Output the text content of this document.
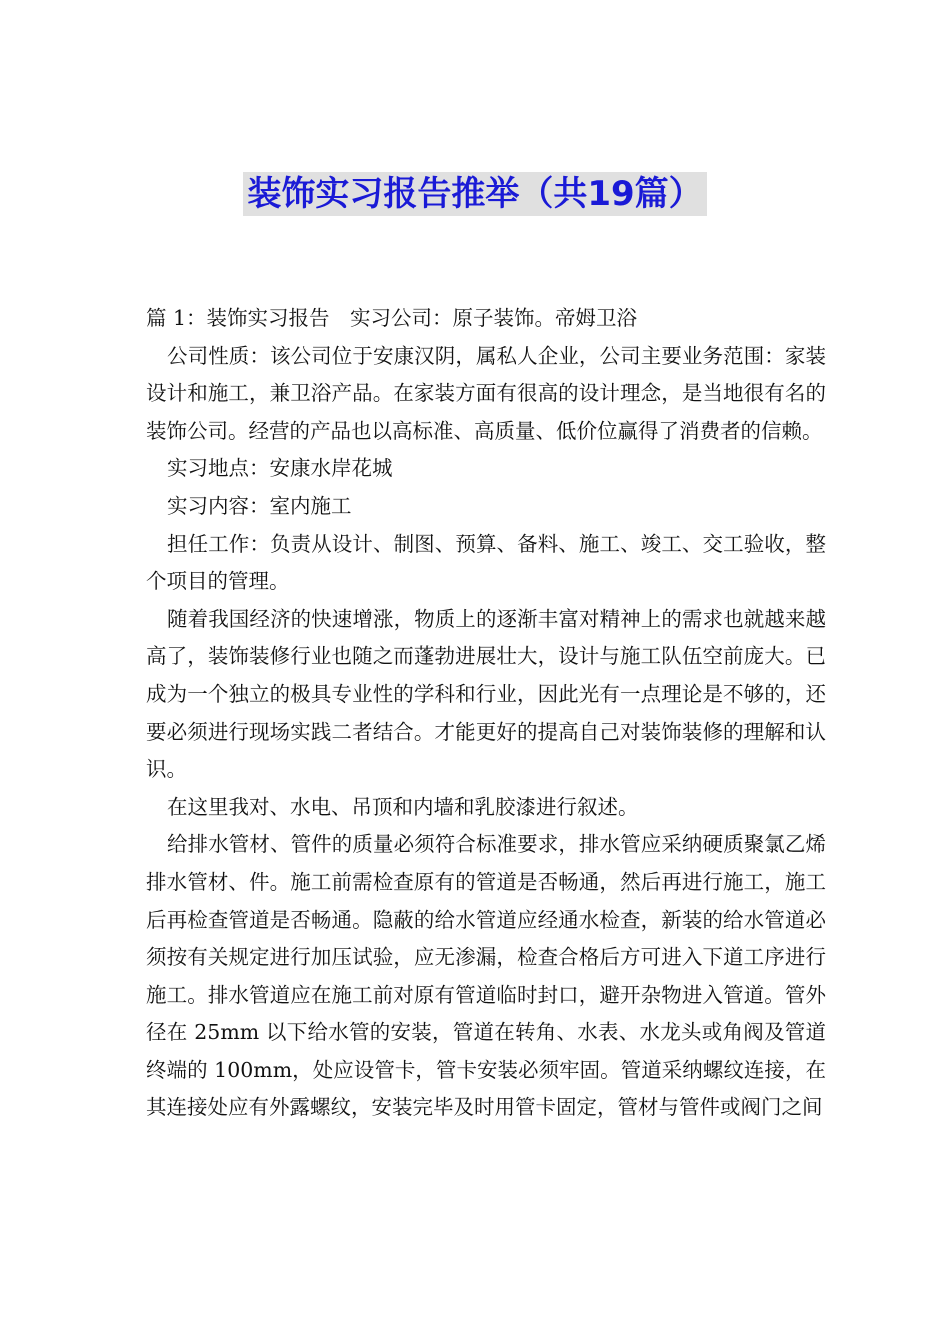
装饰实习报告推举（共19篇）

篇 1：装饰实习报告　实习公司：原子装饰。帝姆卫浴

公司性质：该公司位于安康汉阴，属私人企业，公司主要业务范围：家装设计和施工，兼卫浴产品。在家装方面有很高的设计理念，是当地很有名的装饰公司。经营的产品也以高标准、高质量、低价位赢得了消费者的信赖。

实习地点：安康水岸花城

实习内容：室内施工

担任工作：负责从设计、制图、预算、备料、施工、竣工、交工验收，整个项目的管理。

随着我国经济的快速增涨，物质上的逐渐丰富对精神上的需求也就越来越高了，装饰装修行业也随之而蓬勃进展壮大，设计与施工队伍空前庞大。已成为一个独立的极具专业性的学科和行业，因此光有一点理论是不够的，还要必须进行现场实践二者结合。才能更好的提高自己对装饰装修的理解和认识。

在这里我对、水电、吊顶和内墙和乳胶漆进行叙述。

给排水管材、管件的质量必须符合标准要求，排水管应采纳硬质聚氯乙烯排水管材、件。施工前需检查原有的管道是否畅通，然后再进行施工，施工后再检查管道是否畅通。隐蔽的给水管道应经通水检查，新装的给水管道必须按有关规定进行加压试验，应无渗漏，检查合格后方可进入下道工序进行施工。排水管道应在施工前对原有管道临时封口，避开杂物进入管道。管外径在 25mm 以下给水管的安装，管道在转角、水表、水龙头或角阀及管道终端的 100mm，处应设管卡，管卡安装必须牢固。管道采纳螺纹连接，在其连接处应有外露螺纹，安装完毕及时用管卡固定，管材与管件或阀门之间
